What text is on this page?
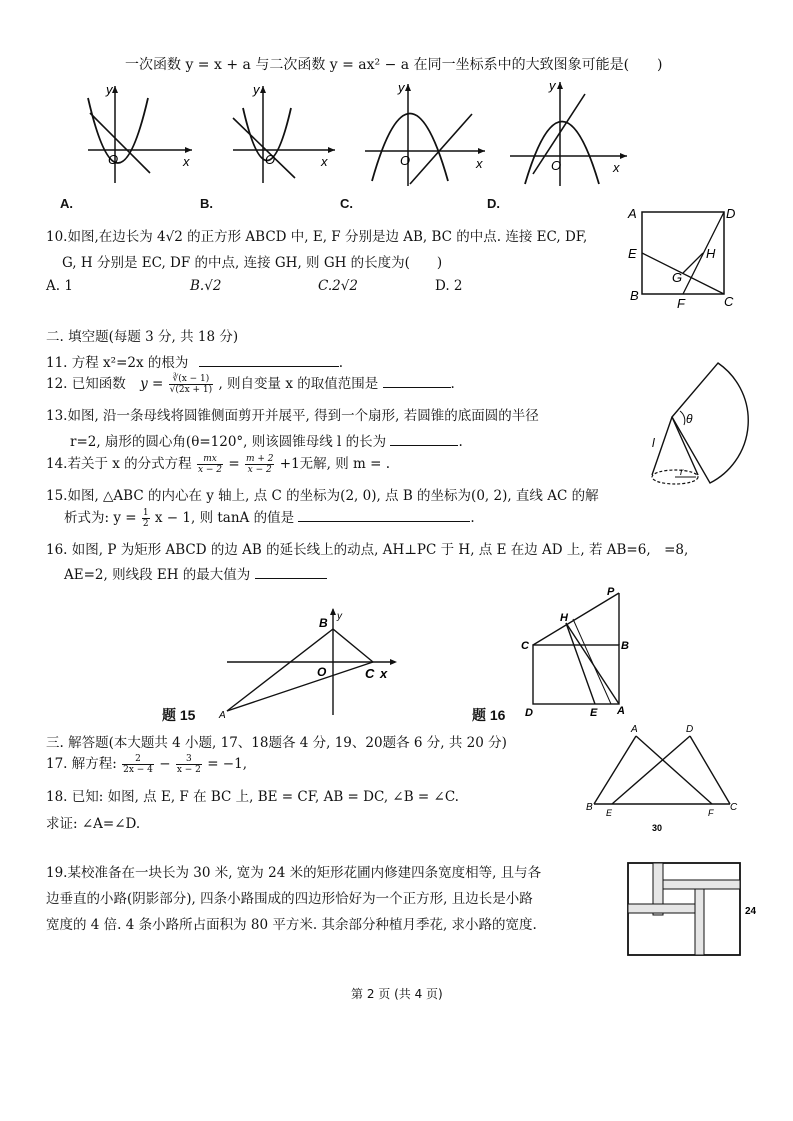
一次函数 y = x + a 与二次函数 y = ax² − a 在同一坐标系中的大致图象可能是(　　)
y
x
O
A.
y
x
O
B.
y
x
O
C.
y
x
O
D.
10.如图,在边长为 4√2 的正方形 ABCD 中, E, F 分别是边 AB, BC 的中点. 连接 EC, DF,
G, H 分别是 EC, DF 的中点, 连接 GH, 则 GH 的长度为(　　)
A. 1	B.√2	C.2√2	D. 2
A	D
E	H
G
B
F	C
二. 填空题(每题 3 分, 共 18 分)
11. 方程 x²=2x 的根为	.
12. 已知函数 $y = \frac{∛(x - 1)}{√(2x + 1)}$ , 则自变量 x 的取值范围是	.
13.如图, 沿一条母线将圆锥侧面剪开并展平, 得到一个扇形, 若圆锥的底面圆的半径
r=2, 扇形的圆心角(θ=120°, 则该圆锥母线 l 的长为	.
θ
l
r
14.若关于 x 的分式方程 $\frac{mx}{x - 2} = \frac{m + 2}{x - 2} +1$无解, 则 m = .
15.如图, △ABC 的内心在 y 轴上, 点 C 的坐标为(2, 0), 点 B 的坐标为(0, 2), 直线 AC 的解
析式为: $y = \frac{1}{2}$ x − 1, 则 tanA 的值是	.
16. 如图, P 为矩形 ABCD 的边 AB 的延长线上的动点, AH⊥PC 于 H, 点 E 在边 AD 上, 若 AB=6,　=8,
AE=2, 则线段 EH 的最大值为
B y
O	C x
A
题 15
P
H
C	B
D	E A
题 16
三. 解答题(本大题共 4 小题, 17、18题各 4 分, 19、20题各 6 分, 共 20 分)
17. 解方程: $\frac{2}{2x - 4} - \frac{3}{x - 2} = -1$,
18. 已知: 如图, 点 E, F 在 BC 上, BE = CF, AB = DC, ∠B = ∠C.
求证: ∠A=∠D.
A	D
B E	F C
30
19.某校准备在一块长为 30 米, 宽为 24 米的矩形花圃内修建四条宽度相等, 且与各
边垂直的小路(阴影部分), 四条小路围成的四边形恰好为一个正方形, 且边长是小路
宽度的 4 倍. 4 条小路所占面积为 80 平方米. 其余部分种植月季花, 求小路的宽度.
24
第 2 页 (共 4 页)
